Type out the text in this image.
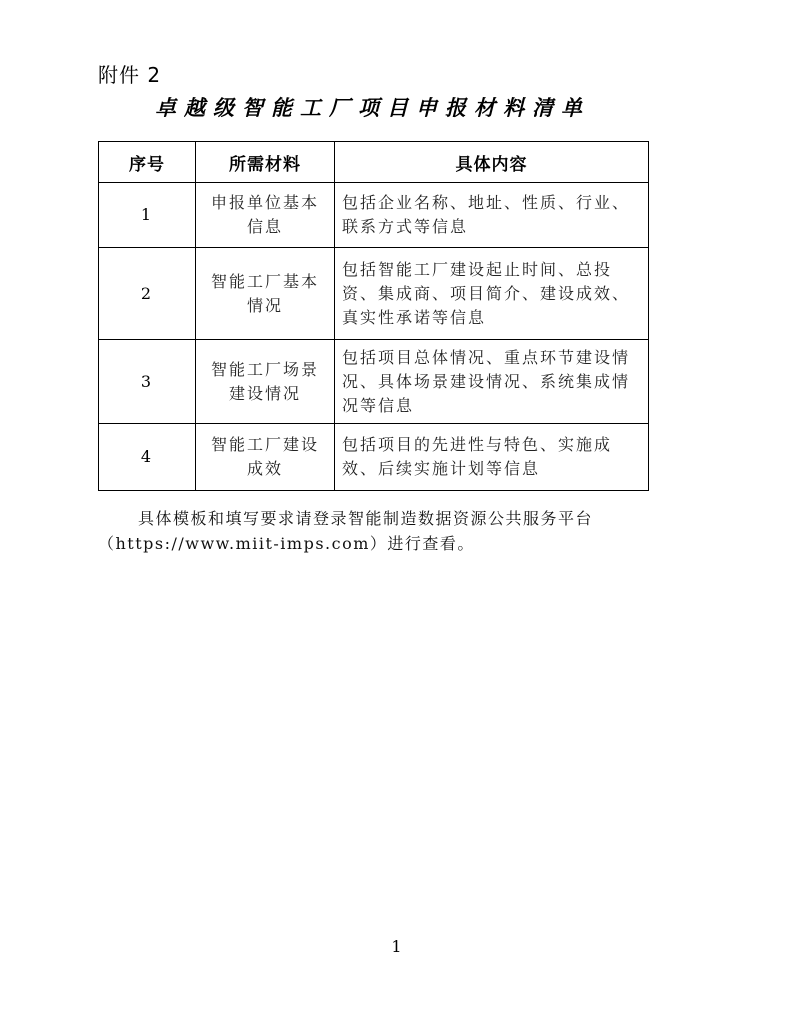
附件 2
卓越级智能工厂项目申报材料清单
序号	所需材料	具体内容
1	申报单位基本信息	包括企业名称、地址、性质、行业、联系方式等信息
2	智能工厂基本情况	包括智能工厂建设起止时间、总投资、集成商、项目简介、建设成效、真实性承诺等信息
3	智能工厂场景建设情况	包括项目总体情况、重点环节建设情况、具体场景建设情况、系统集成情况等信息
4	智能工厂建设成效	包括项目的先进性与特色、实施成效、后续实施计划等信息
具体模板和填写要求请登录智能制造数据资源公共服务平台（https://www.miit-imps.com）进行查看。
1
